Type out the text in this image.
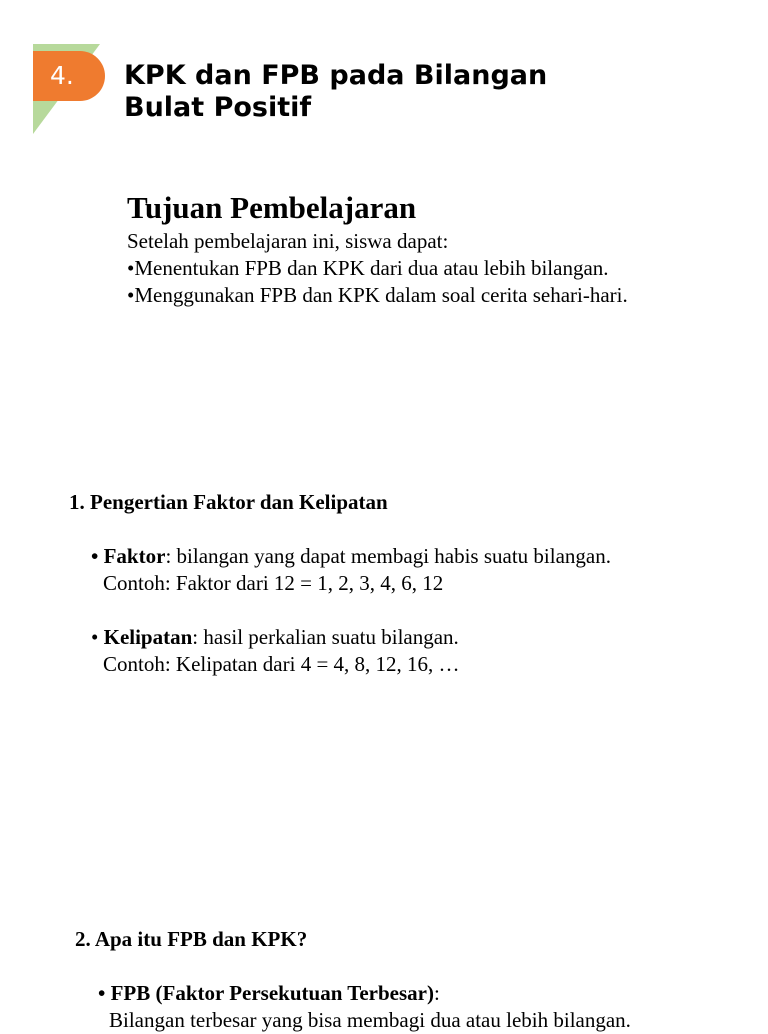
4.	KPK dan FPB pada Bilangan
Bulat Positif
Tujuan Pembelajaran
Setelah pembelajaran ini, siswa dapat:
•Menentukan FPB dan KPK dari dua atau lebih bilangan.
•Menggunakan FPB dan KPK dalam soal cerita sehari-hari.
1. Pengertian Faktor dan Kelipatan
• Faktor: bilangan yang dapat membagi habis suatu bilangan.
Contoh: Faktor dari 12 = 1, 2, 3, 4, 6, 12
• Kelipatan: hasil perkalian suatu bilangan.
Contoh: Kelipatan dari 4 = 4, 8, 12, 16, …
2. Apa itu FPB dan KPK?
• FPB (Faktor Persekutuan Terbesar):
Bilangan terbesar yang bisa membagi dua atau lebih bilangan.
